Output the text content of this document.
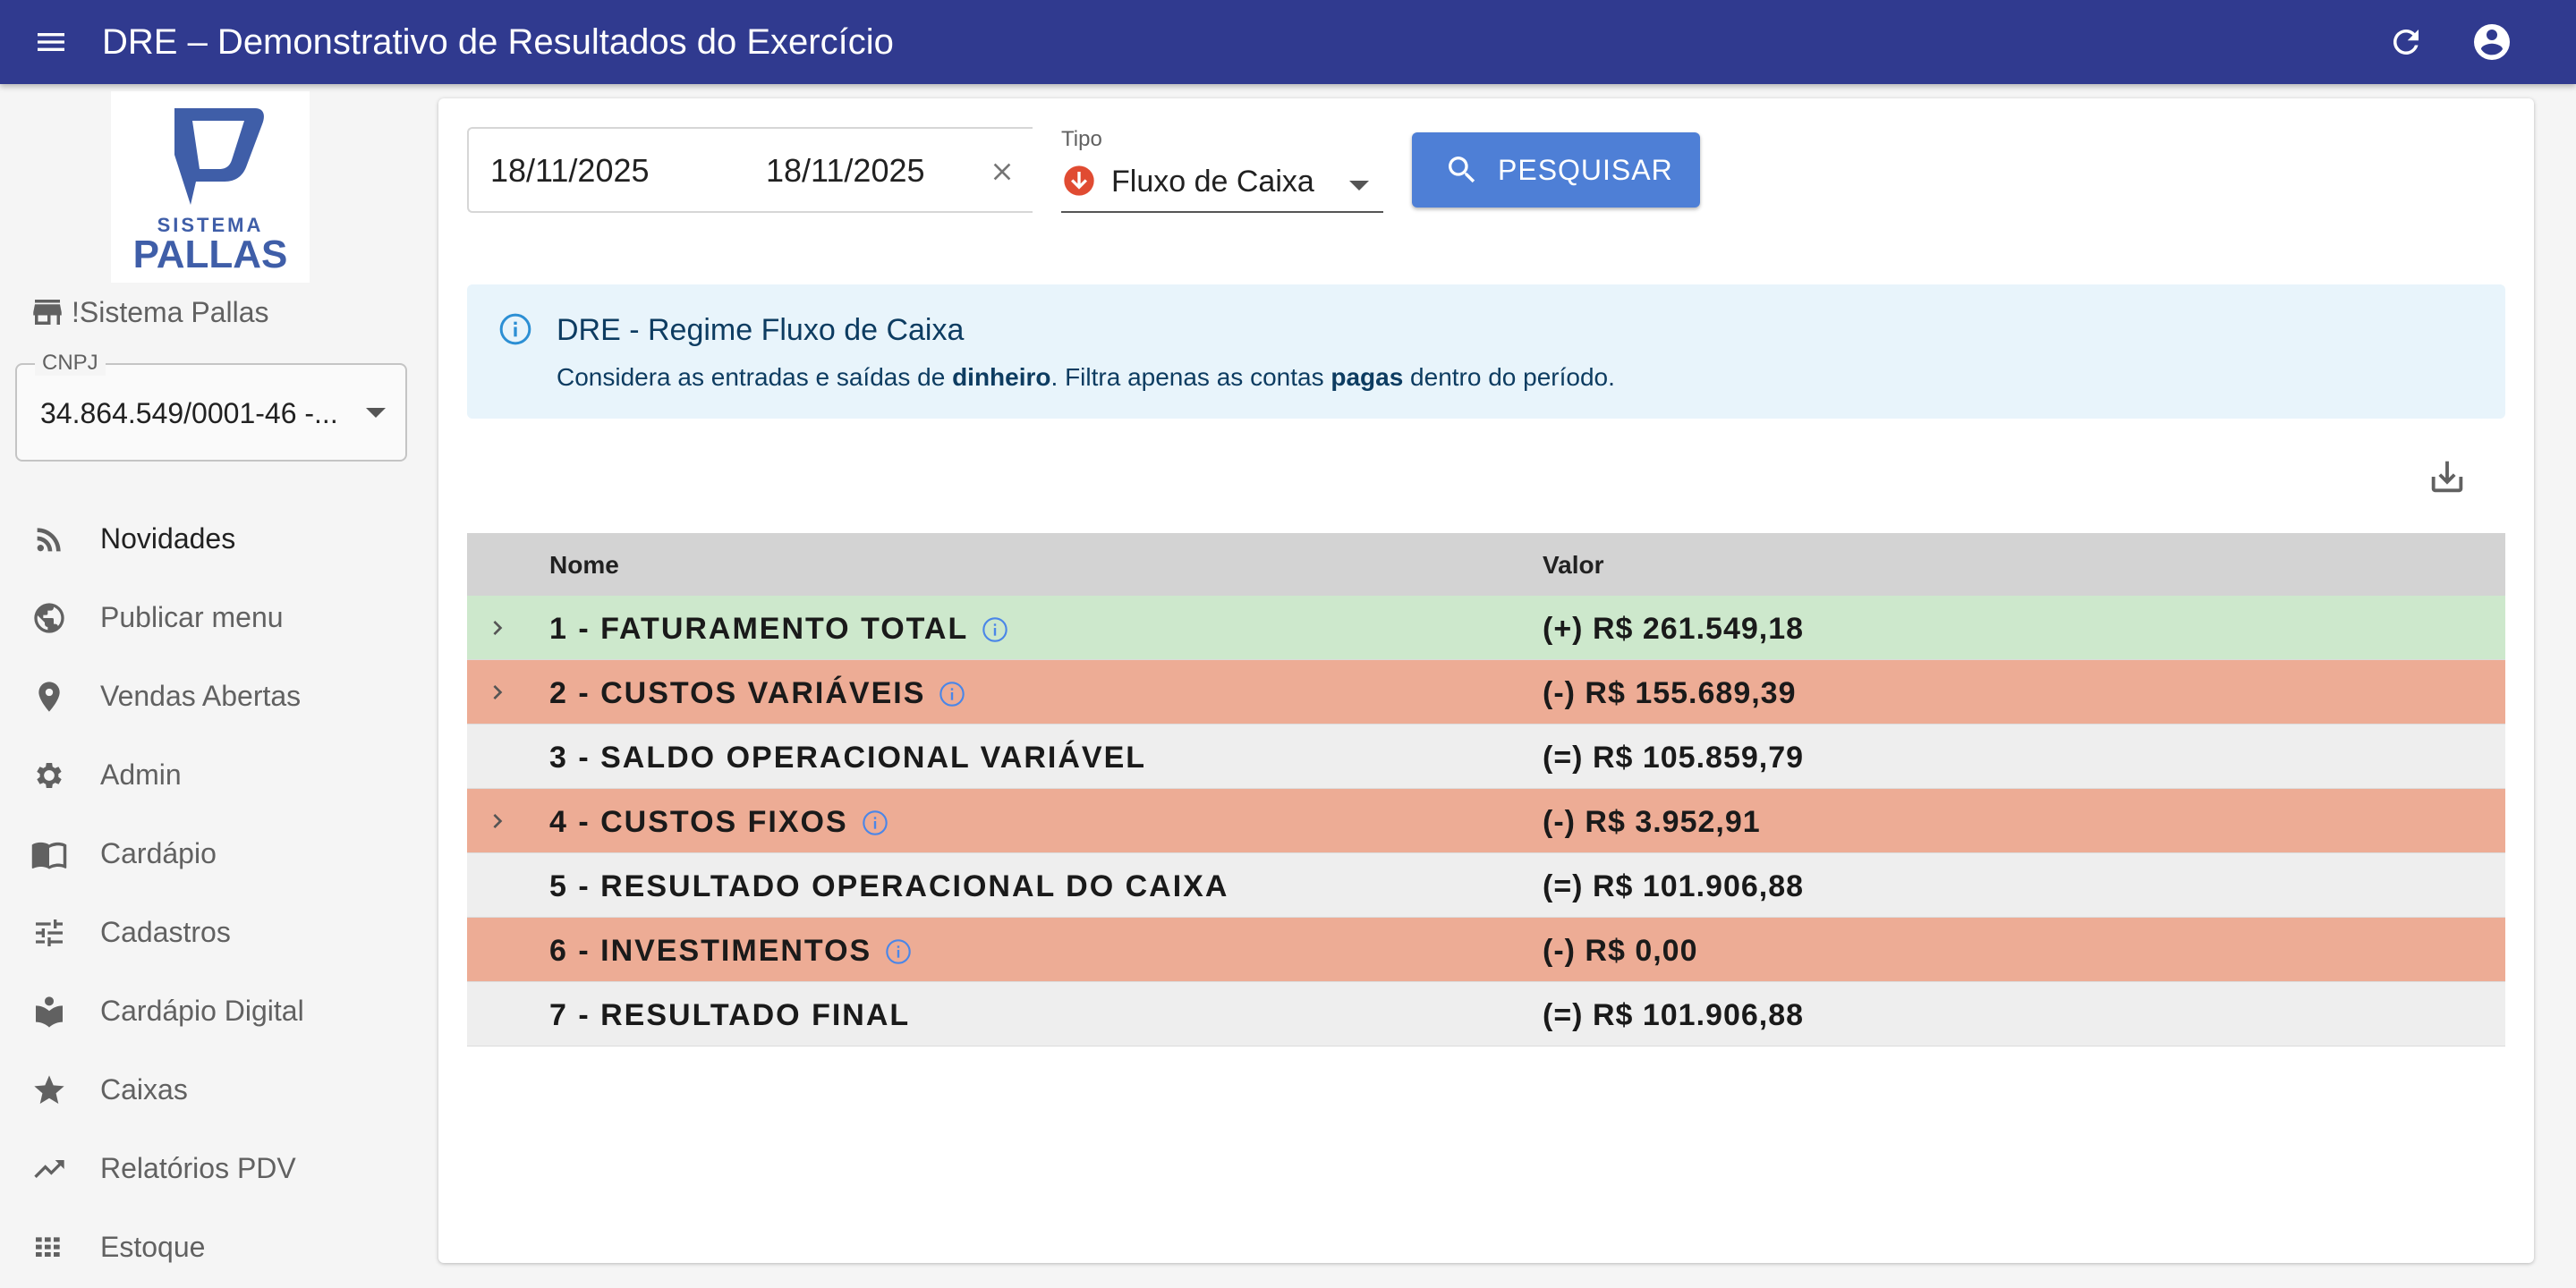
DRE – Demonstrativo de Resultados do Exercício
SISTEMA
PALLAS
!Sistema Pallas
CNPJ
34.864.549/0001-46 -...
Novidades
Publicar menu
Vendas Abertas
Admin
Cardápio
Cadastros
Cardápio Digital
Caixas
Relatórios PDV
Estoque
18/11/2025	18/11/2025
Tipo
Fluxo de Caixa	PESQUISAR
DRE - Regime Fluxo de Caixa
Considera as entradas e saídas de dinheiro. Filtra apenas as contas pagas dentro do período.
Nome	Valor
1 - FATURAMENTO TOTAL	(+) R$ 261.549,18
2 - CUSTOS VARIÁVEIS	(-) R$ 155.689,39
3 - SALDO OPERACIONAL VARIÁVEL	(=) R$ 105.859,79
4 - CUSTOS FIXOS	(-) R$ 3.952,91
5 - RESULTADO OPERACIONAL DO CAIXA	(=) R$ 101.906,88
6 - INVESTIMENTOS	(-) R$ 0,00
7 - RESULTADO FINAL	(=) R$ 101.906,88
